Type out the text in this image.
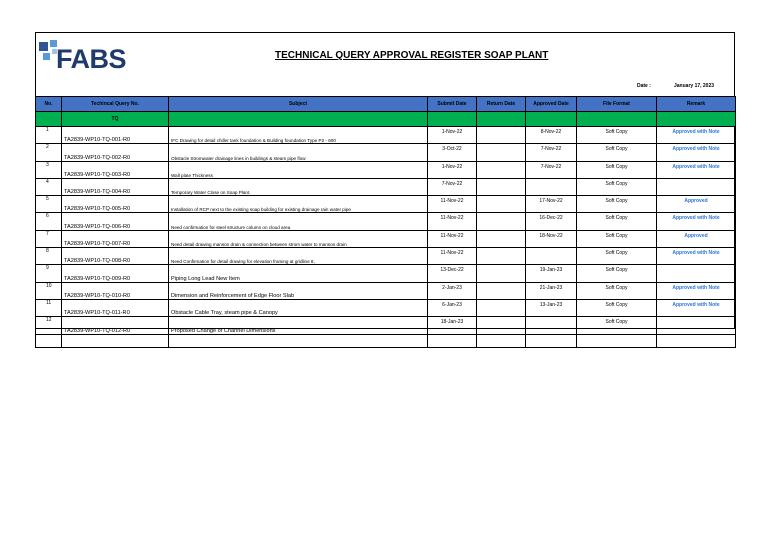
FABS	TECHNICAL QUERY APPROVAL REGISTER SOAP PLANT
Date :	January 17, 2023
No.	Techincal Query No.	Subject	Submit Date	Return Date	Approved Date	File Format	Remark
	TQ						
1	TA2839-WP10-TQ-001-R0	IFC Drawing for detail chiller tank foundation & Building foundation Type P2 - 600	1-Nov-22		8-Nov-22	Soft Copy	Approved with Note
2	TA2839-WP10-TQ-002-R0	Obstacle Stromwater drainage lines in buildings & steam pipe flow	3-Oct-22		7-Nov-22	Soft Copy	Approved with Note
3	TA2839-WP10-TQ-003-R0	Wall plate Thickness	1-Nov-22		7-Nov-22	Soft Copy	Approved with Note
4	TA2839-WP10-TQ-004-R0	Temporary Water Close on Soap Plant.	7-Nov-22			Soft Copy	
5	TA2839-WP10-TQ-005-R0	Installation of RCP next to the existing soap building for existing drainage rain water pipe	11-Nov-22		17-Nov-22	Soft Copy	Approved
6	TA2839-WP10-TQ-006-R0	Need confirmation for steel structure column on cloud area	11-Nov-22		16-Dec-22	Soft Copy	Approved with Note
7	TA2839-WP10-TQ-007-R0	Need detail drawing manson drain & connection between strom water to manson drain	11-Nov-22		18-Nov-22	Soft Copy	Approved
8	TA2839-WP10-TQ-008-R0	Need Confirmation for detail drawing for elevation framing at gridline 8,	11-Nov-22			Soft Copy	Approved with Note
9	TA2839-WP10-TQ-009-R0	Piping Long Lead New Item	13-Dec-22		19-Jan-23	Soft Copy	
10	TA2839-WP10-TQ-010-R0	Dimension and Reinforcement of Edge Floor Slab	2-Jan-23		21-Jan-23	Soft Copy	Approved with Note
11	TA2839-WP10-TQ-011-R0	Obstacle Cable Tray, steam pipe & Canopy	6-Jan-23		13-Jan-23	Soft Copy	Approved with Note
12	TA2839-WP10-TQ-012-R0	Proposed Change of Channel Dimensions	18-Jan-23			Soft Copy	
